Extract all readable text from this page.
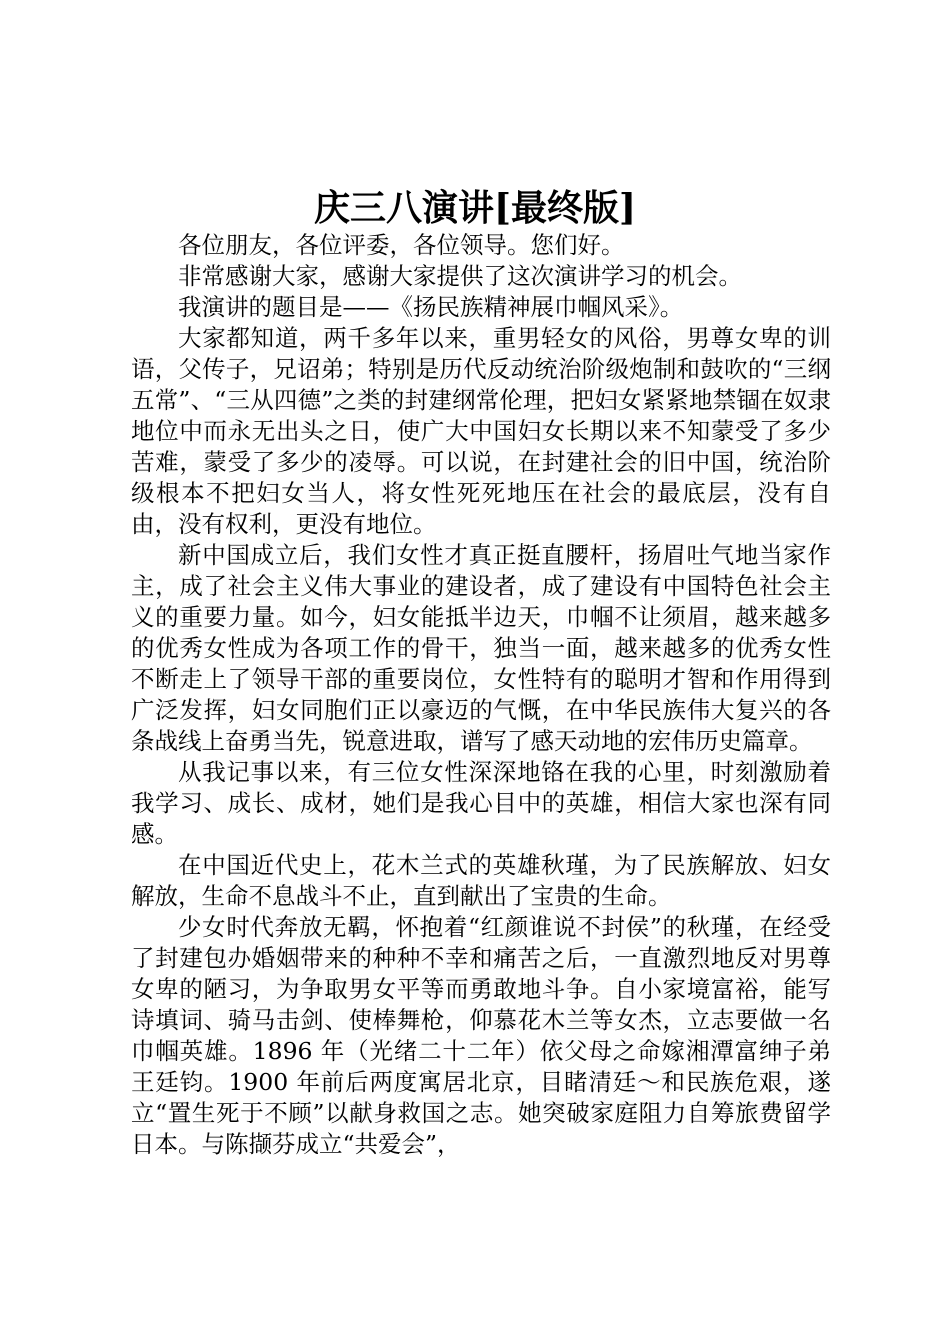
庆三八演讲[最终版]

各位朋友，各位评委，各位领导。您们好。

非常感谢大家，感谢大家提供了这次演讲学习的机会。

我演讲的题目是——《扬民族精神展巾帼风采》。

大家都知道，两千多年以来，重男轻女的风俗，男尊女卑的训语，父传子，兄诏弟；特别是历代反动统治阶级炮制和鼓吹的“三纲五常”、“三从四德”之类的封建纲常伦理，把妇女紧紧地禁锢在奴隶地位中而永无出头之日，使广大中国妇女长期以来不知蒙受了多少苦难，蒙受了多少的凌辱。可以说，在封建社会的旧中国，统治阶级根本不把妇女当人，将女性死死地压在社会的最底层，没有自由，没有权利，更没有地位。

新中国成立后，我们女性才真正挺直腰杆，扬眉吐气地当家作主，成了社会主义伟大事业的建设者，成了建设有中国特色社会主义的重要力量。如今，妇女能抵半边天，巾帼不让须眉，越来越多的优秀女性成为各项工作的骨干，独当一面，越来越多的优秀女性不断走上了领导干部的重要岗位，女性特有的聪明才智和作用得到广泛发挥，妇女同胞们正以豪迈的气慨，在中华民族伟大复兴的各条战线上奋勇当先，锐意进取，谱写了感天动地的宏伟历史篇章。

从我记事以来，有三位女性深深地铬在我的心里，时刻激励着我学习、成长、成材，她们是我心目中的英雄，相信大家也深有同感。

在中国近代史上，花木兰式的英雄秋瑾，为了民族解放、妇女解放，生命不息战斗不止，直到献出了宝贵的生命。

少女时代奔放无羁，怀抱着“红颜谁说不封侯”的秋瑾，在经受了封建包办婚姻带来的种种不幸和痛苦之后，一直激烈地反对男尊女卑的陋习，为争取男女平等而勇敢地斗争。自小家境富裕，能写诗填词、骑马击剑、使棒舞枪，仰慕花木兰等女杰，立志要做一名巾帼英雄。1896 年（光绪二十二年）依父母之命嫁湘潭富绅子弟王廷钧。1900 年前后两度寓居北京，目睹清廷～和民族危艰，遂立“置生死于不顾”以献身救国之志。她突破家庭阻力自筹旅费留学日本。与陈撷芬成立“共爱会”，
